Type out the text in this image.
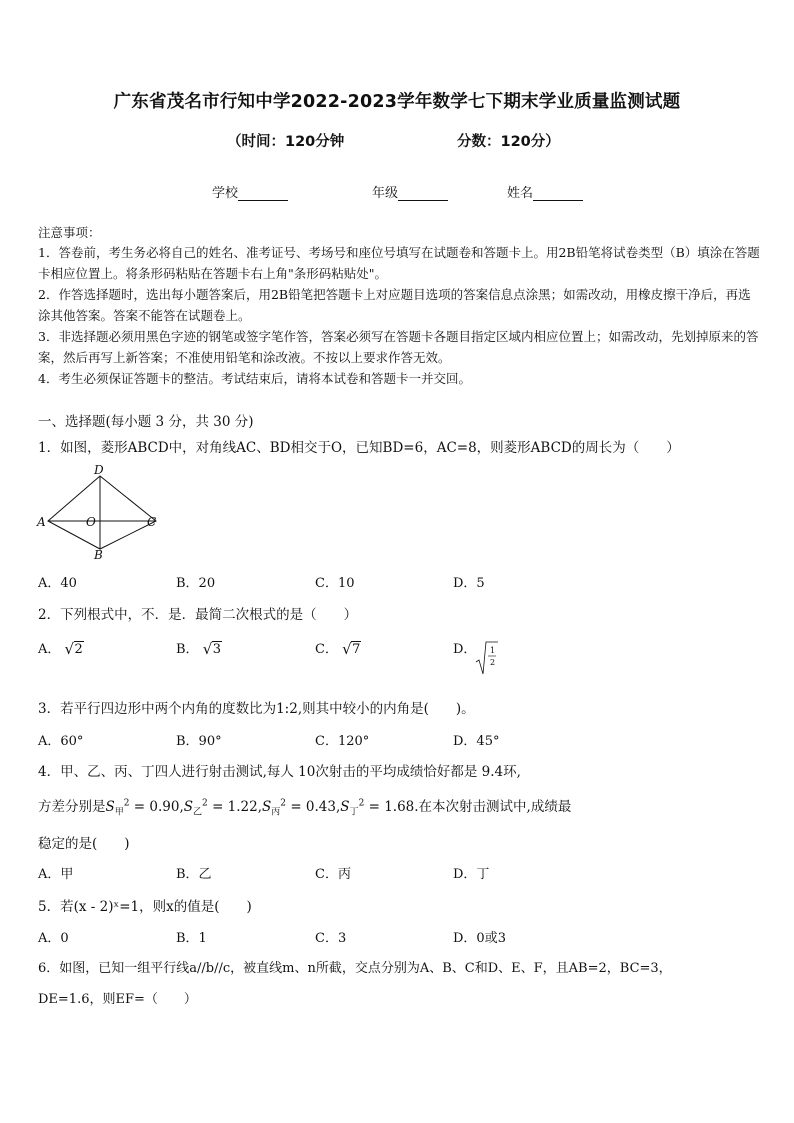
广东省茂名市行知中学2022-2023学年数学七下期末学业质量监测试题
（时间：120分钟	分数：120分）
学校	年级	姓名
注意事项：
1．答卷前，考生务必将自己的姓名、准考证号、考场号和座位号填写在试题卷和答题卡上。用2B铅笔将试卷类型（B）填涂在答题卡相应位置上。将条形码粘贴在答题卡右上角"条形码粘贴处"。
2．作答选择题时，选出每小题答案后，用2B铅笔把答题卡上对应题目选项的答案信息点涂黑；如需改动，用橡皮擦干净后，再选涂其他答案。答案不能答在试题卷上。
3．非选择题必须用黑色字迹的钢笔或签字笔作答，答案必须写在答题卡各题目指定区域内相应位置上；如需改动，先划掉原来的答案，然后再写上新答案；不准使用铅笔和涂改液。不按以上要求作答无效。
4．考生必须保证答题卡的整洁。考试结束后，请将本试卷和答题卡一并交回。
一、选择题(每小题 3 分，共 30 分)
1．如图，菱形ABCD中，对角线AC、BD相交于O，已知BD=6，AC=8，则菱形ABCD的周长为（　　）
D
A	O	C
B
A．40	B．20	C．10	D．5
2．下列根式中，不．是．最简二次根式的是（　　）
A． √ 2	B． √ 3	C． √ 7	D． 1
2
3．若平行四边形中两个内角的度数比为1:2,则其中较小的内角是(　　)。
A．60°	B．90°	C．120°	D．45°
4．甲、乙、丙、丁四人进行射击测试,每人 10次射击的平均成绩恰好都是 9.4环,
方差分别是$S_甲^2 = 0.90,S_乙^2 = 1.22,S_丙^2 = 0.43,S_丁^2 = 1.68$.在本次射击测试中,成绩最
稳定的是(　　)
A．甲	B．乙	C．丙	D．丁
5．若(x - 2)ˣ=1，则x的值是(　　)
A．0	B．1	C．3	D．0或3
6．如图，已知一组平行线a//b//c，被直线m、n所截，交点分别为A、B、C和D、E、F，且AB=2，BC=3，
DE=1.6，则EF=（　　）
